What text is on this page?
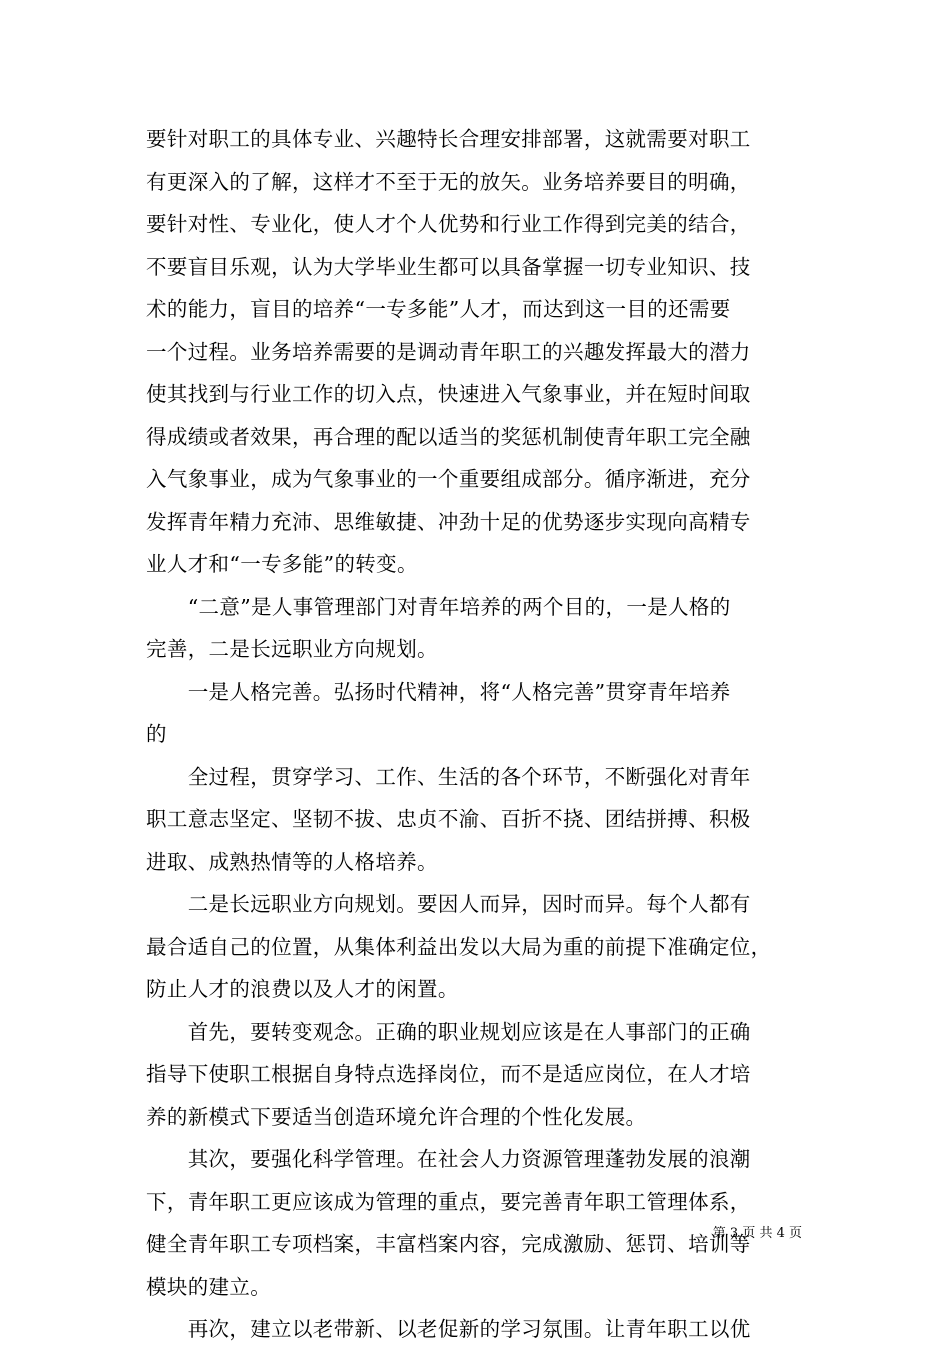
要针对职工的具体专业、兴趣特长合理安排部署，这就需要对职工
有更深入的了解，这样才不至于无的放矢。业务培养要目的明确，
要针对性、专业化，使人才个人优势和行业工作得到完美的结合，
不要盲目乐观，认为大学毕业生都可以具备掌握一切专业知识、技
术的能力，盲目的培养“一专多能”人才，而达到这一目的还需要
一个过程。业务培养需要的是调动青年职工的兴趣发挥最大的潜力
使其找到与行业工作的切入点，快速进入气象事业，并在短时间取
得成绩或者效果，再合理的配以适当的奖惩机制使青年职工完全融
入气象事业，成为气象事业的一个重要组成部分。循序渐进，充分
发挥青年精力充沛、思维敏捷、冲劲十足的优势逐步实现向高精专
业人才和“一专多能”的转变。
　　“二意”是人事管理部门对青年培养的两个目的，一是人格的
完善，二是长远职业方向规划。
　　一是人格完善。弘扬时代精神，将“人格完善”贯穿青年培养
的
　　全过程，贯穿学习、工作、生活的各个环节，不断强化对青年
职工意志坚定、坚韧不拔、忠贞不渝、百折不挠、团结拼搏、积极
进取、成熟热情等的人格培养。
　　二是长远职业方向规划。要因人而异，因时而异。每个人都有
最合适自己的位置，从集体利益出发以大局为重的前提下准确定位，
防止人才的浪费以及人才的闲置。
　　首先，要转变观念。正确的职业规划应该是在人事部门的正确
指导下使职工根据自身特点选择岗位，而不是适应岗位，在人才培
养的新模式下要适当创造环境允许合理的个性化发展。
　　其次，要强化科学管理。在社会人力资源管理蓬勃发展的浪潮
下，青年职工更应该成为管理的重点，要完善青年职工管理体系，
健全青年职工专项档案，丰富档案内容，完成激励、惩罚、培训等
模块的建立。
　　再次，建立以老带新、以老促新的学习氛围。让青年职工以优
第 3 页 共 4 页
